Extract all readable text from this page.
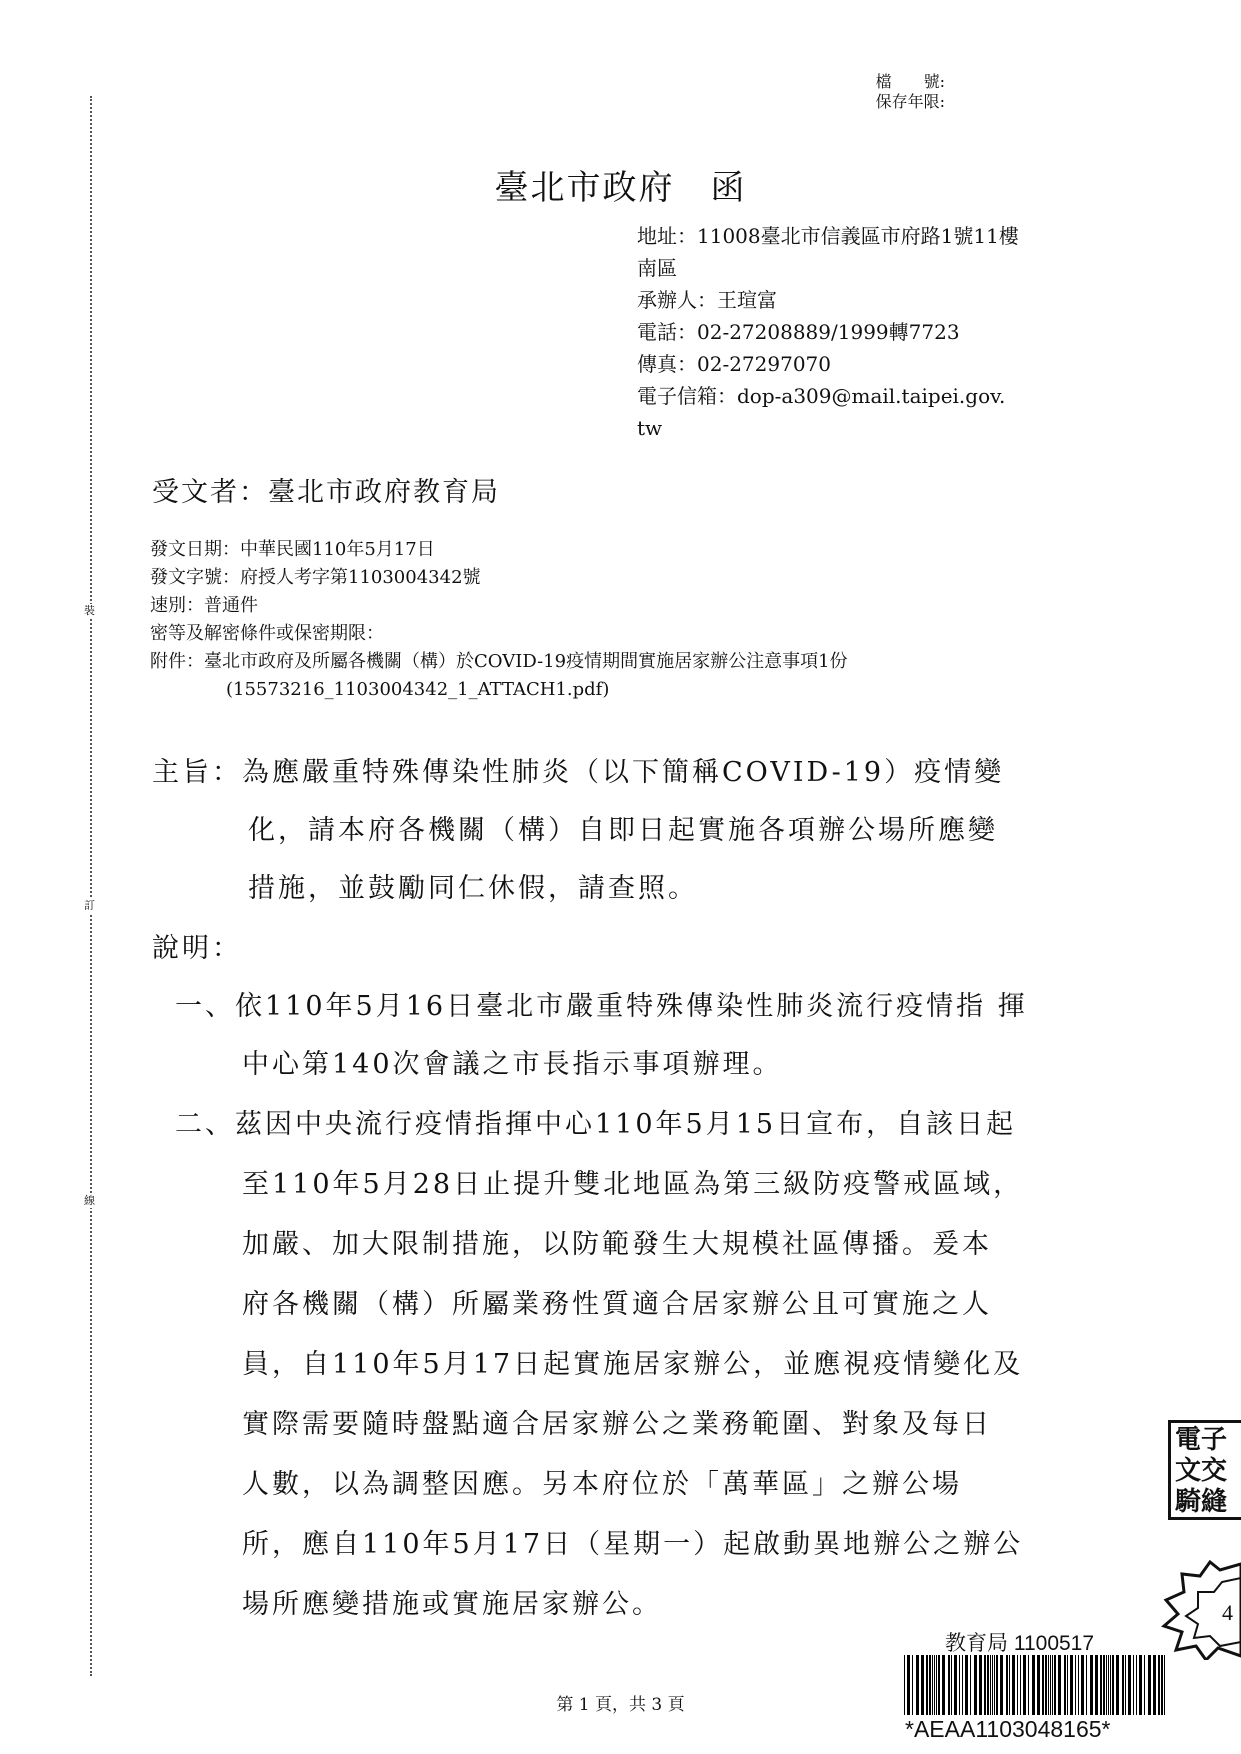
裝
訂
線
檔　　號:
保存年限:
臺北市政府　函
地址：11008臺北市信義區市府路1號11樓
南區
承辦人：王瑄富
電話：02-27208889/1999轉7723
傳真：02-27297070
電子信箱：dop-a309@mail.taipei.gov.
tw
受文者：臺北市政府教育局
發文日期：中華民國110年5月17日
發文字號：府授人考字第1103004342號
速別：普通件
密等及解密條件或保密期限：
附件：臺北市政府及所屬各機關（構）於COVID-19疫情期間實施居家辦公注意事項1份
(15573216_1103004342_1_ATTACH1.pdf)
主旨：為應嚴重特殊傳染性肺炎（以下簡稱COVID-19）疫情變
化，請本府各機關（構）自即日起實施各項辦公場所應變
措施，並鼓勵同仁休假，請查照。
說明：
一、依110年5月16日臺北市嚴重特殊傳染性肺炎流行疫情指 揮
中心第140次會議之市長指示事項辦理。
二、茲因中央流行疫情指揮中心110年5月15日宣布，自該日起
至110年5月28日止提升雙北地區為第三級防疫警戒區域，
加嚴、加大限制措施，以防範發生大規模社區傳播。爰本
府各機關（構）所屬業務性質適合居家辦公且可實施之人
員，自110年5月17日起實施居家辦公，並應視疫情變化及
實際需要隨時盤點適合居家辦公之業務範圍、對象及每日
人數，以為調整因應。另本府位於「萬華區」之辦公場
所，應自110年5月17日（星期一）起啟動異地辦公之辦公
場所應變措施或實施居家辦公。
教育局 1100517
*AEAA1103048165*
電子
文交
騎縫
4
第 1 頁，共 3 頁
